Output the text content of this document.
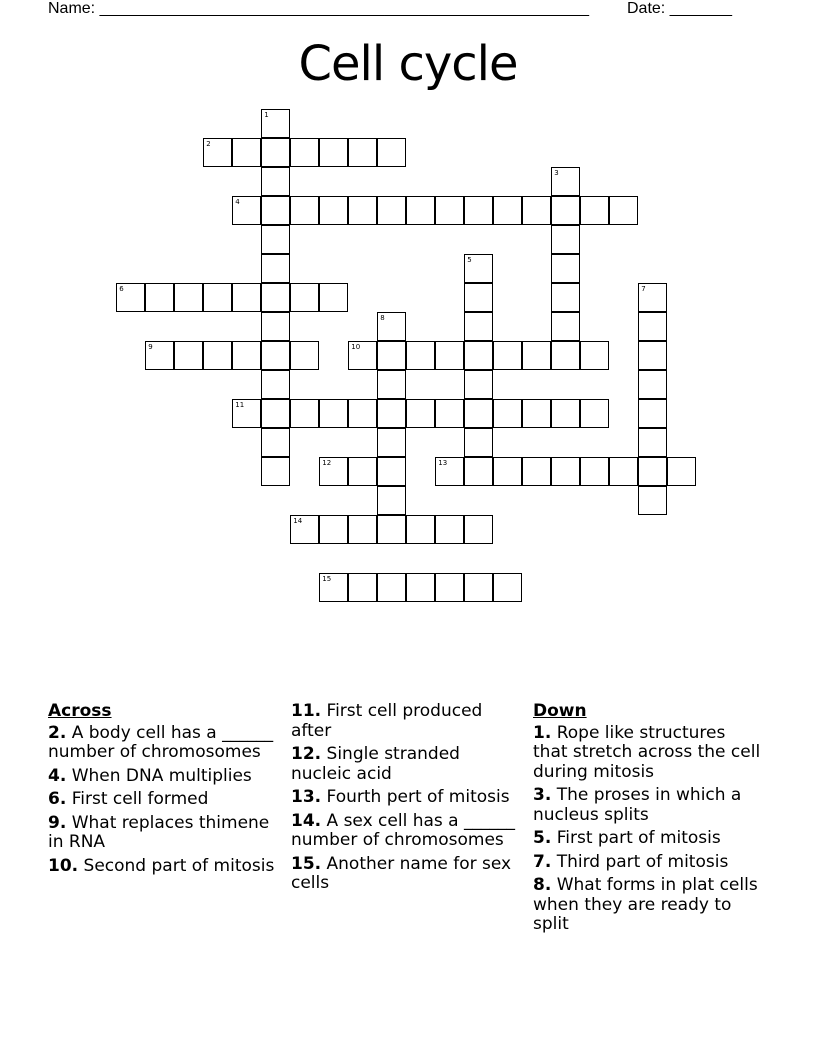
Name: _______________________________________________________ Date: _______
Cell cycle
1
2
3
4
5
6	7
8
9	10
11
12	13
14
15
Across
2. A body cell has a ______ number of chromosomes
4. When DNA multiplies
6. First cell formed
9. What replaces thimene in RNA
10. Second part of mitosis
11. First cell produced after
12. Single stranded nucleic acid
13. Fourth pert of mitosis
14. A sex cell has a ______ number of chromosomes
15. Another name for sex cells
Down
1. Rope like structures that stretch across the cell during mitosis
3. The proses in which a nucleus splits
5. First part of mitosis
7. Third part of mitosis
8. What forms in plat cells when they are ready to split
